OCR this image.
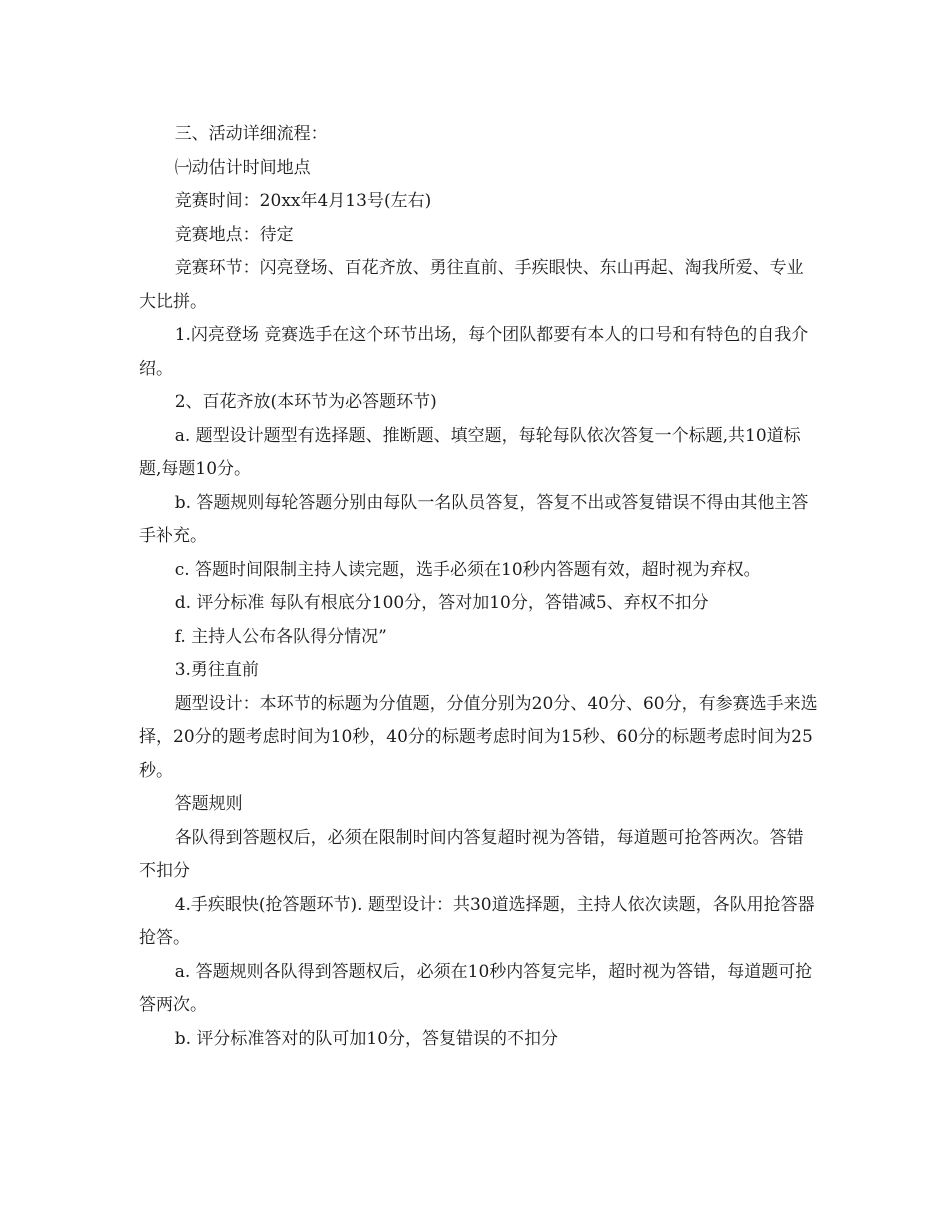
三、活动详细流程：

㈠动估计时间地点

竞赛时间：20xx年4月13号(左右)

竞赛地点：待定

竞赛环节：闪亮登场、百花齐放、勇往直前、手疾眼快、东山再起、淘我所爱、专业大比拼。

1.闪亮登场 竞赛选手在这个环节出场，每个团队都要有本人的口号和有特色的自我介绍。

2、百花齐放(本环节为必答题环节)

a. 题型设计题型有选择题、推断题、填空题，每轮每队依次答复一个标题,共10道标题,每题10分。

b. 答题规则每轮答题分别由每队一名队员答复，答复不出或答复错误不得由其他主答手补充。

c. 答题时间限制主持人读完题，选手必须在10秒内答题有效，超时视为弃权。

d. 评分标准 每队有根底分100分，答对加10分，答错减5、弃权不扣分

f. 主持人公布各队得分情况”

3.勇往直前

题型设计：本环节的标题为分值题，分值分别为20分、40分、60分，有参赛选手来选择，20分的题考虑时间为10秒，40分的标题考虑时间为15秒、60分的标题考虑时间为25秒。

答题规则

各队得到答题权后，必须在限制时间内答复超时视为答错，每道题可抢答两次。答错不扣分

4.手疾眼快(抢答题环节). 题型设计：共30道选择题，主持人依次读题，各队用抢答器抢答。

a. 答题规则各队得到答题权后，必须在10秒内答复完毕，超时视为答错，每道题可抢答两次。

b. 评分标准答对的队可加10分，答复错误的不扣分
